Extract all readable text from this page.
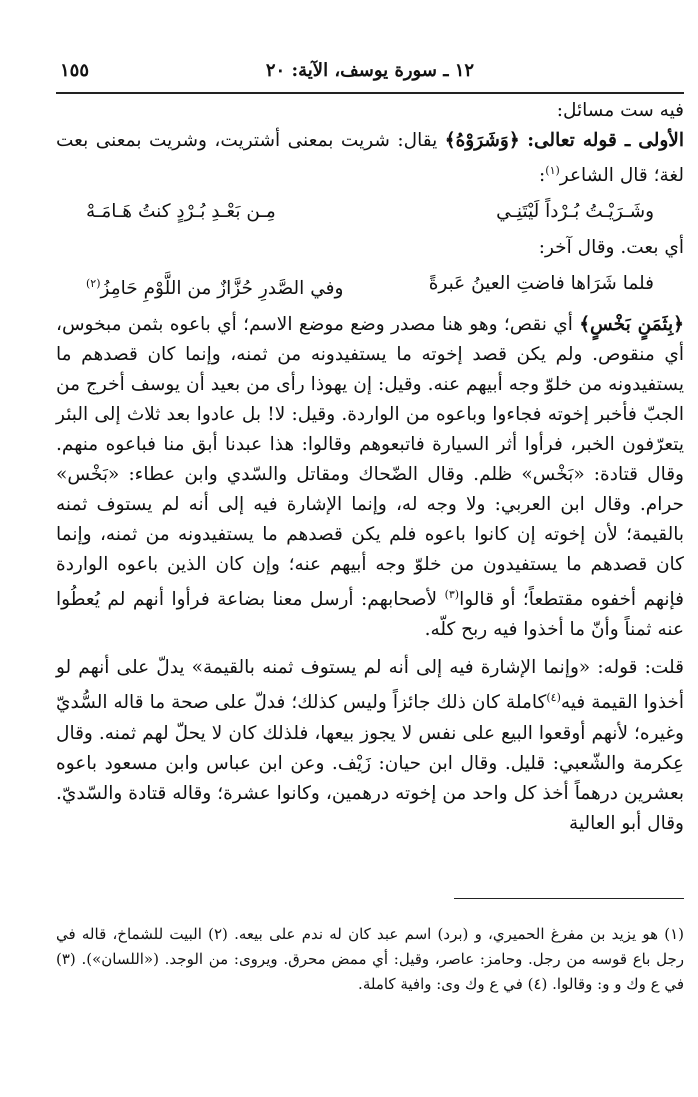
١٢ ـ سورة يوسف، الآية: ٢٠
١٥٥

فيه ست مسائل:

الأولى ـ قوله تعالى: ﴿وَشَرَوْهُ﴾ يقال: شريت بمعنى أشتريت، وشريت بمعنى بعت لغة؛ قال الشاعر$^{(١)}$:

وشَـرَيْـتُ بُـرْداً لَيْتَنِـي
مِـن بَعْـدِ بُـرْدٍ كنتُ هَـامَـهْ

أي بعت. وقال آخر:

فلما شَرَاها فاضتِ العينُ عَبرةً
وفي الصَّدرِ حُزَّازٌ من اللَّوْمِ حَامِزُ$^{(٢)}$

﴿بِثَمَنٍ بَخْسٍ﴾ أي نقص؛ وهو هنا مصدر وضع موضع الاسم؛ أي باعوه بثمن مبخوس، أي منقوص. ولم يكن قصد إخوته ما يستفيدونه من ثمنه، وإنما كان قصدهم ما يستفيدونه من خلوّ وجه أبيهم عنه. وقيل: إن يهوذا رأى من بعيد أن يوسف أخرج من الجبّ فأخبر إخوته فجاءوا وباعوه من الواردة. وقيل: لا! بل عادوا بعد ثلاث إلى البئر يتعرّفون الخبر، فرأوا أثر السيارة فاتبعوهم وقالوا: هذا عبدنا أبق منا فباعوه منهم. وقال قتادة: «بَخْس» ظلم. وقال الضّحاك ومقاتل والسّدي وابن عطاء: «بَخْس» حرام. وقال ابن العربي: ولا وجه له، وإنما الإشارة فيه إلى أنه لم يستوف ثمنه بالقيمة؛ لأن إخوته إن كانوا باعوه فلم يكن قصدهم ما يستفيدونه من ثمنه، وإنما كان قصدهم ما يستفيدون من خلوّ وجه أبيهم عنه؛ وإن كان الذين باعوه الواردة فإنهم أخفوه مقتطعاً؛ أو قالوا$^{(٣)}$ لأصحابهم: أرسل معنا بضاعة فرأوا أنهم لم يُعطُوا عنه ثمناً وأنّ ما أخذوا فيه ربح كلّه.

قلت: قوله: «وإنما الإشارة فيه إلى أنه لم يستوف ثمنه بالقيمة» يدلّ على أنهم لو أخذوا القيمة فيه$^{(٤)}$كاملة كان ذلك جائزاً وليس كذلك؛ فدلّ على صحة ما قاله السُّديّ وغيره؛ لأنهم أوقعوا البيع على نفس لا يجوز بيعها، فلذلك كان لا يحلّ لهم ثمنه. وقال عِكرمة والشّعبي: قليل. وقال ابن حيان: زَيْف. وعن ابن عباس وابن مسعود باعوه بعشرين درهماً أخذ كل واحد من إخوته درهمين، وكانوا عشرة؛ وقاله قتادة والسّديّ. وقال أبو العالية

(١) هو يزيد بن مفرغ الحميري، و (برد) اسم عبد كان له ندم على بيعه. (٢) البيت للشماخ، قاله في رجل باع قوسه من رجل. وحامز: عاصر، وقيل: أي ممض محرق. ويروى: من الوجد. («اللسان»). (٣) في ع وك و و: وقالوا. (٤) في ع وك وى: وافية كاملة.
